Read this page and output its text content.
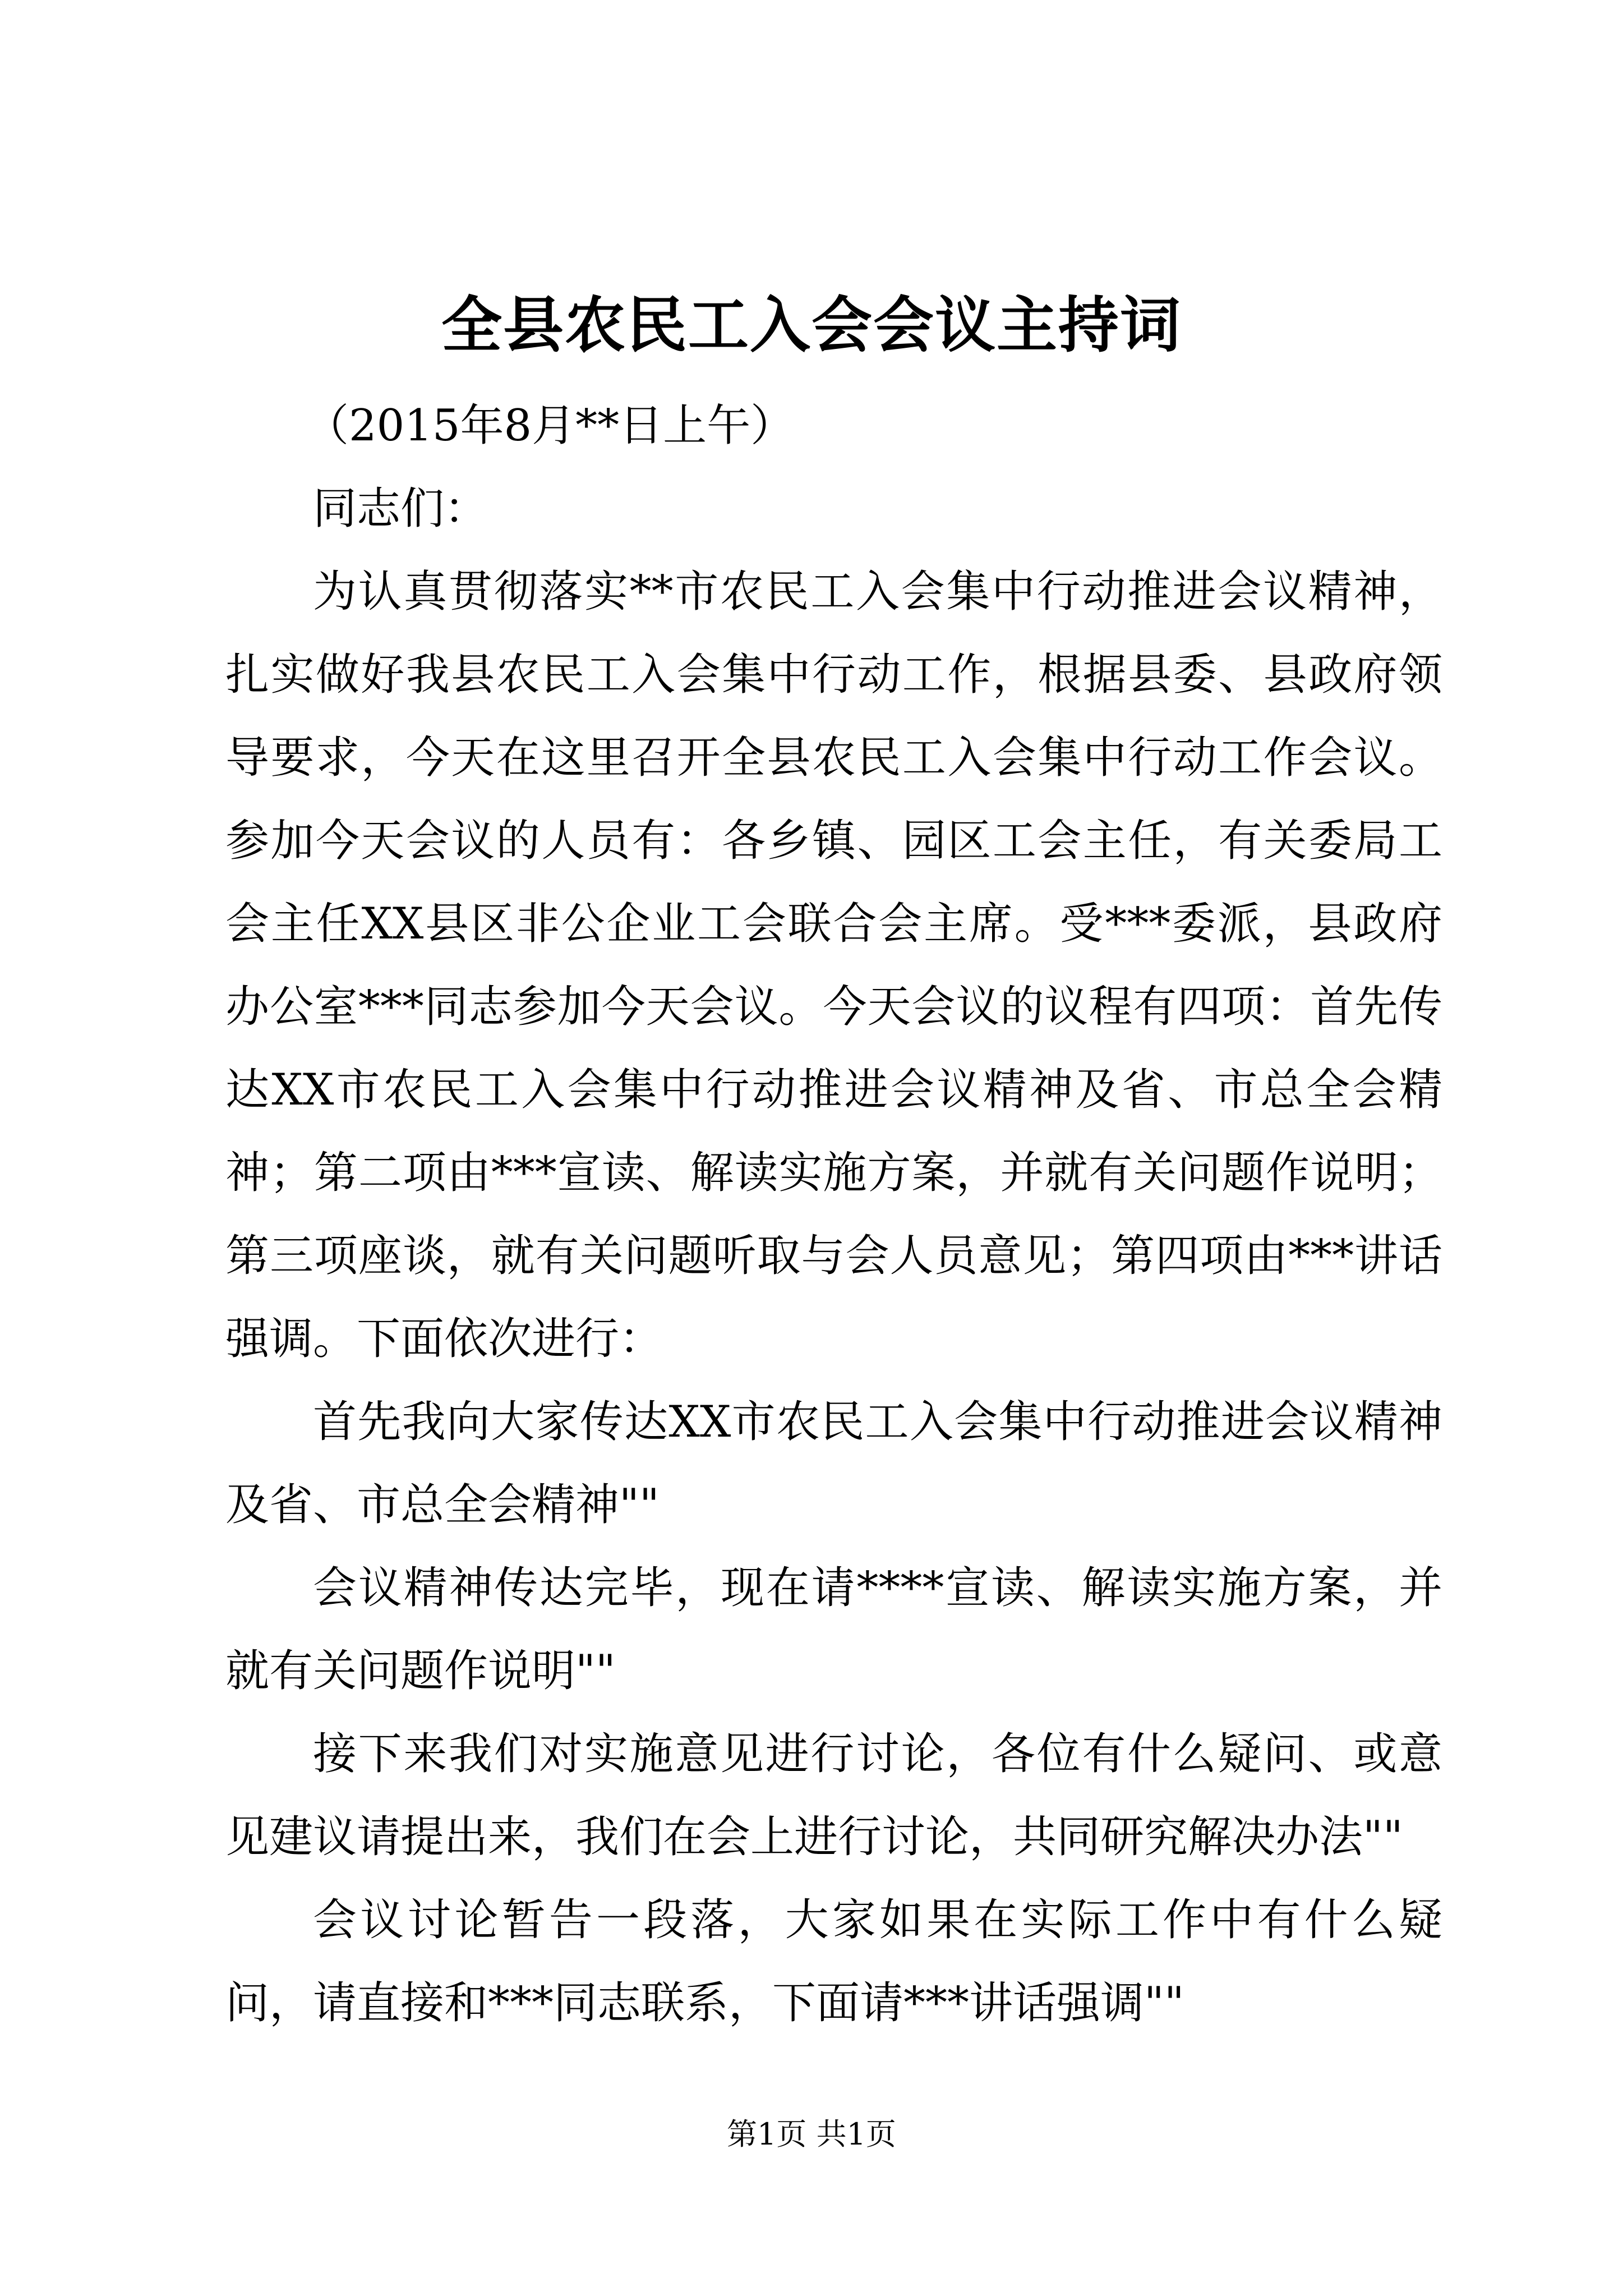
全县农民工入会会议主持词

（2015年8月**日上午）

同志们：

为认真贯彻落实**市农民工入会集中行动推进会议精神，扎实做好我县农民工入会集中行动工作，根据县委、县政府领导要求，今天在这里召开全县农民工入会集中行动工作会议。参加今天会议的人员有：各乡镇、园区工会主任，有关委局工会主任XX县区非公企业工会联合会主席。受***委派，县政府办公室***同志参加今天会议。今天会议的议程有四项：首先传达XX市农民工入会集中行动推进会议精神及省、市总全会精神；第二项由***宣读、解读实施方案，并就有关问题作说明；第三项座谈，就有关问题听取与会人员意见；第四项由***讲话强调。下面依次进行：

首先我向大家传达XX市农民工入会集中行动推进会议精神及省、市总全会精神""

会议精神传达完毕，现在请****宣读、解读实施方案，并就有关问题作说明""

接下来我们对实施意见进行讨论，各位有什么疑问、或意见建议请提出来，我们在会上进行讨论，共同研究解决办法""

会议讨论暂告一段落，大家如果在实际工作中有什么疑问，请直接和***同志联系，下面请***讲话强调""

第1页 共1页
